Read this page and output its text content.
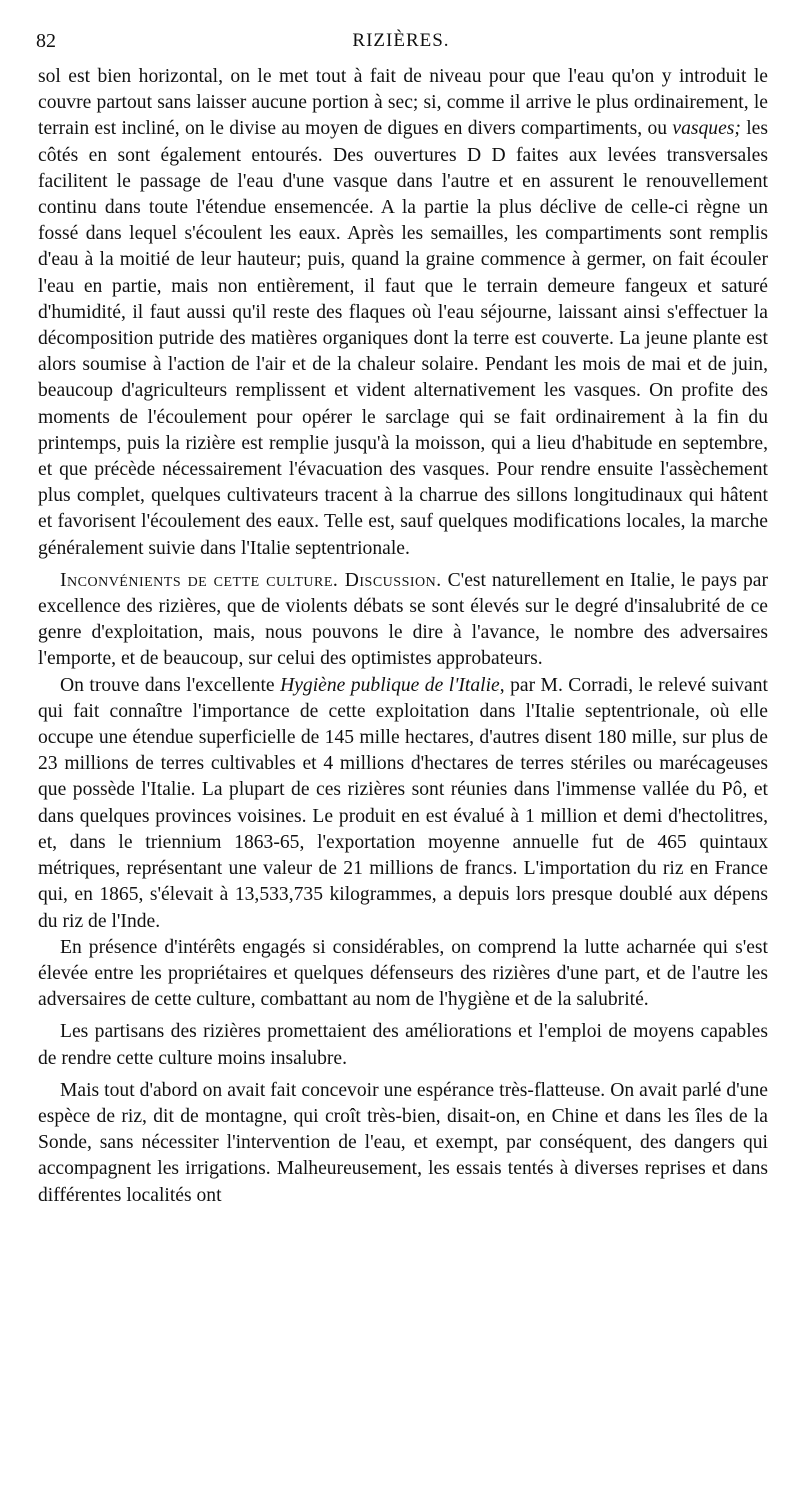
82	RIZIÈRES.

sol est bien horizontal, on le met tout à fait de niveau pour que l'eau qu'on y introduit le couvre partout sans laisser aucune portion à sec; si, comme il arrive le plus ordinairement, le terrain est incliné, on le divise au moyen de digues en divers compartiments, ou vasques; les côtés en sont également entourés. Des ouvertures D D faites aux levées transversales facilitent le passage de l'eau d'une vasque dans l'autre et en assurent le renouvellement continu dans toute l'étendue ensemencée. A la partie la plus déclive de celle-ci règne un fossé dans lequel s'écoulent les eaux. Après les semailles, les compartiments sont remplis d'eau à la moitié de leur hauteur; puis, quand la graine commence à germer, on fait écouler l'eau en partie, mais non entièrement, il faut que le terrain demeure fangeux et saturé d'humidité, il faut aussi qu'il reste des flaques où l'eau séjourne, laissant ainsi s'effectuer la décomposition putride des matières organiques dont la terre est couverte. La jeune plante est alors soumise à l'action de l'air et de la chaleur solaire. Pendant les mois de mai et de juin, beaucoup d'agriculteurs remplissent et vident alternativement les vasques. On profite des moments de l'écoulement pour opérer le sarclage qui se fait ordinairement à la fin du printemps, puis la rizière est remplie jusqu'à la moisson, qui a lieu d'habitude en septembre, et que précède nécessairement l'évacuation des vasques. Pour rendre ensuite l'assèchement plus complet, quelques cultivateurs tracent à la charrue des sillons longitudinaux qui hâtent et favorisent l'écoulement des eaux. Telle est, sauf quelques modifications locales, la marche généralement suivie dans l'Italie septentrionale.

Inconvénients de cette culture. Discussion. C'est naturellement en Italie, le pays par excellence des rizières, que de violents débats se sont élevés sur le degré d'insalubrité de ce genre d'exploitation, mais, nous pouvons le dire à l'avance, le nombre des adversaires l'emporte, et de beaucoup, sur celui des optimistes approbateurs.

On trouve dans l'excellente Hygiène publique de l'Italie, par M. Corradi, le relevé suivant qui fait connaître l'importance de cette exploitation dans l'Italie septentrionale, où elle occupe une étendue superficielle de 145 mille hectares, d'autres disent 180 mille, sur plus de 23 millions de terres cultivables et 4 millions d'hectares de terres stériles ou marécageuses que possède l'Italie. La plupart de ces rizières sont réunies dans l'immense vallée du Pô, et dans quelques provinces voisines. Le produit en est évalué à 1 million et demi d'hectolitres, et, dans le triennium 1863-65, l'exportation moyenne annuelle fut de 465 quintaux métriques, représentant une valeur de 21 millions de francs. L'importation du riz en France qui, en 1865, s'élevait à 13,533,735 kilogrammes, a depuis lors presque doublé aux dépens du riz de l'Inde.

En présence d'intérêts engagés si considérables, on comprend la lutte acharnée qui s'est élevée entre les propriétaires et quelques défenseurs des rizières d'une part, et de l'autre les adversaires de cette culture, combattant au nom de l'hygiène et de la salubrité.

Les partisans des rizières promettaient des améliorations et l'emploi de moyens capables de rendre cette culture moins insalubre.

Mais tout d'abord on avait fait concevoir une espérance très-flatteuse. On avait parlé d'une espèce de riz, dit de montagne, qui croît très-bien, disait-on, en Chine et dans les îles de la Sonde, sans nécessiter l'intervention de l'eau, et exempt, par conséquent, des dangers qui accompagnent les irrigations. Malheureusement, les essais tentés à diverses reprises et dans différentes localités ont
